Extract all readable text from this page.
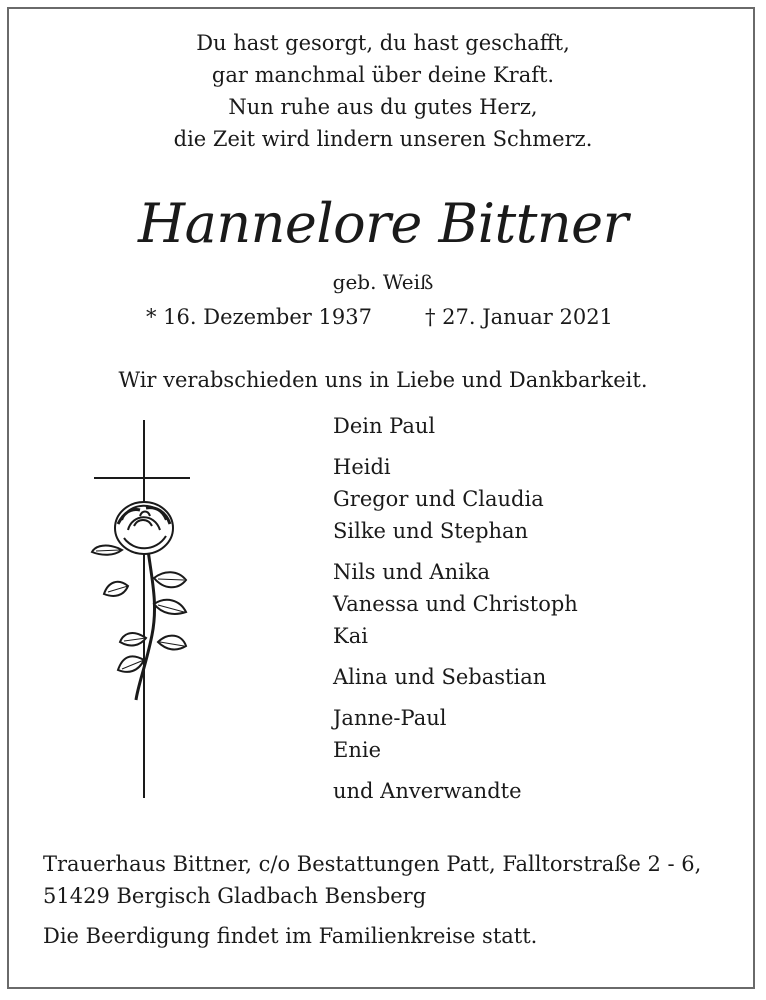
Du hast gesorgt, du hast geschafft,
gar manchmal über deine Kraft.
Nun ruhe aus du gutes Herz,
die Zeit wird lindern unseren Schmerz.
Hannelore Bittner
geb. Weiß
* 16. Dezember 1937	† 27. Januar 2021
Wir verabschieden uns in Liebe und Dankbarkeit.
Dein Paul
Heidi
Gregor und Claudia
Silke und Stephan
Nils und Anika
Vanessa und Christoph
Kai
Alina und Sebastian
Janne-Paul
Enie
und Anverwandte
Trauerhaus Bittner, c/o Bestattungen Patt, Falltorstraße 2 - 6,
51429 Bergisch Gladbach Bensberg
Die Beerdigung findet im Familienkreise statt.
